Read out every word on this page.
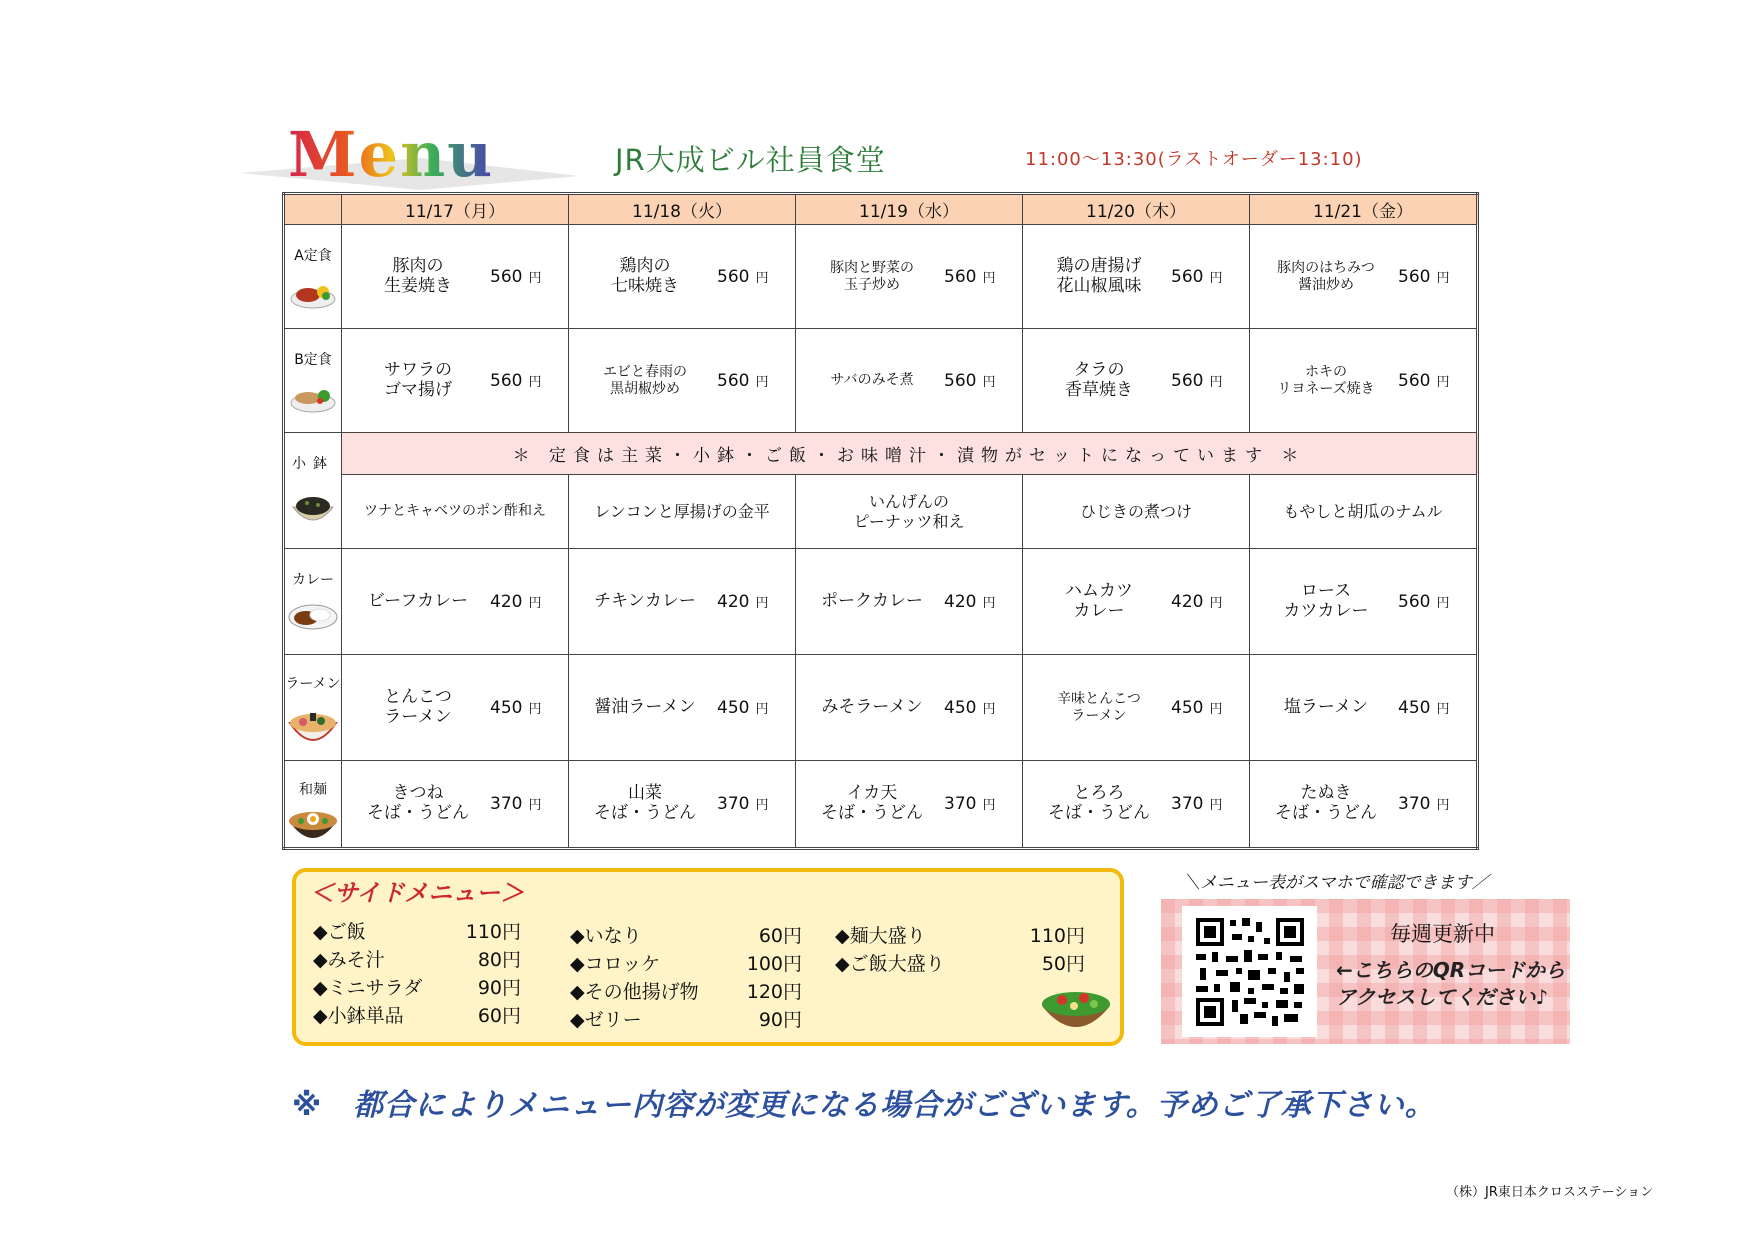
Menu	JR大成ビル社員食堂	11:00～13:30(ラストオーダー13:10)
	11/17（月）	11/18（火）	11/19（水）	11/20（木）	11/21（金）

A定食	豚肉の
生姜焼き 560 円	鶏肉の
七味焼き 560 円	豚肉と野菜の
玉子炒め 560 円	鶏の唐揚げ
花山椒風味 560 円	豚肉のはちみつ
醤油炒め 560 円

B定食	サワラの
ゴマ揚げ 560 円	エビと春雨の
黒胡椒炒め 560 円	サバのみそ煮 560 円	タラの
香草焼き 560 円	ホキの
リヨネーズ焼き 560 円

小鉢	＊ 定食は主菜・小鉢・ご飯・お味噌汁・漬物がセットになっています ＊				
	ツナとキャベツのポン酢和え	レンコンと厚揚げの金平	いんげんの
ピーナッツ和え	ひじきの煮つけ	もやしと胡瓜のナムル

カレー	ビーフカレー 420 円	チキンカレー 420 円	ポークカレー 420 円	ハムカツ
カレー 420 円	ロース
カツカレー 560 円

ラーメン	とんこつ
ラーメン 450 円	醤油ラーメン 450 円	みそラーメン 450 円	辛味とんこつ
ラーメン 450 円	塩ラーメン 450 円

和麺	きつね
そば・うどん 370 円	山菜
そば・うどん 370 円	イカ天
そば・うどん 370 円	とろろ
そば・うどん 370 円	たぬき
そば・うどん 370 円
＜サイドメニュー＞
◆ご飯	110円
◆みそ汁	80円
◆ミニサラダ	90円
◆小鉢単品	60円
◆いなり	60円
◆コロッケ	100円
◆その他揚げ物	120円
◆ゼリー	90円
◆麺大盛り	110円
◆ご飯大盛り	50円
＼メニュー表がスマホで確認できます／
毎週更新中
←こちらのQRコードから
アクセスしてください♪
※　都合によりメニュー内容が変更になる場合がございます。予めご了承下さい。
（株）JR東日本クロスステーション
